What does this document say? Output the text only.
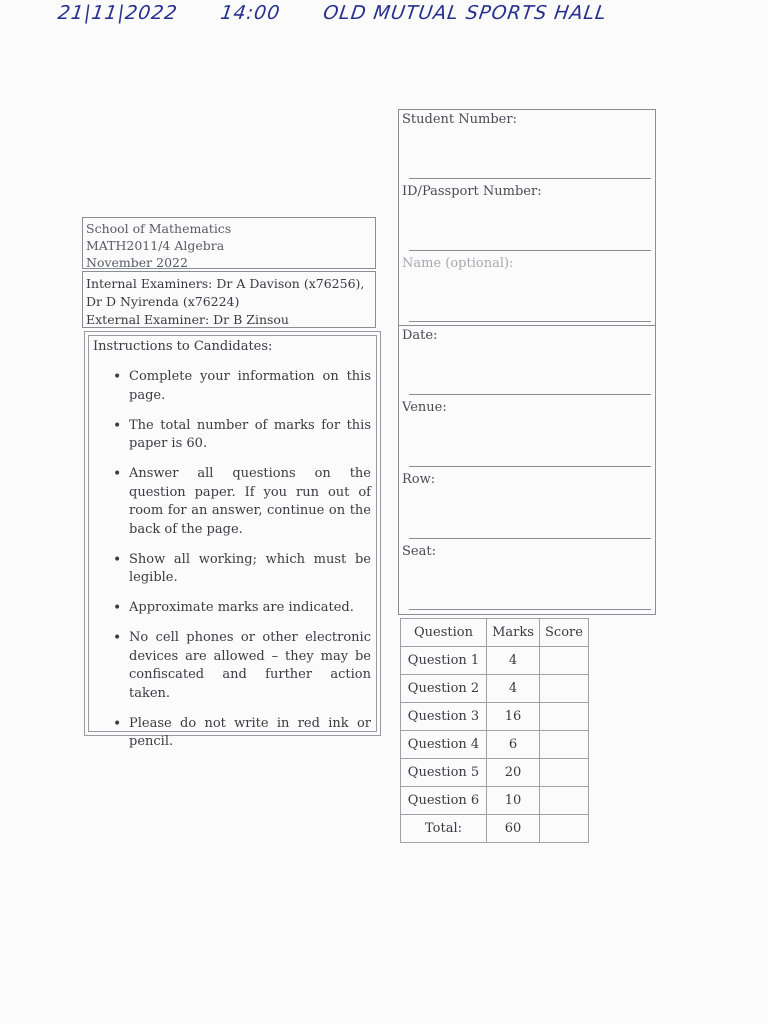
21|11|2022 14:00 OLD MUTUAL SPORTS HALL
School of Mathematics
MATH2011/4 Algebra
November 2022
Internal Examiners: Dr A Davison (x76256),
Dr D Nyirenda (x76224)
External Examiner: Dr B Zinsou
Instructions to Candidates:
• Complete your information on this page.
• The total number of marks for this paper is 60.
• Answer all questions on the question paper. If you run out of room for an answer, continue on the back of the page.
• Show all working; which must be legible.
• Approximate marks are indicated.
• No cell phones or other electronic devices are allowed – they may be confiscated and further action taken.
• Please do not write in red ink or pencil.
Student Number:
ID/Passport Number:
Name (optional):
Date:
Venue:
Row:
Seat:
Question	Marks	Score
Question 1	4	
Question 2	4	
Question 3	16	
Question 4	6	
Question 5	20	
Question 6	10	
Total:	60	
